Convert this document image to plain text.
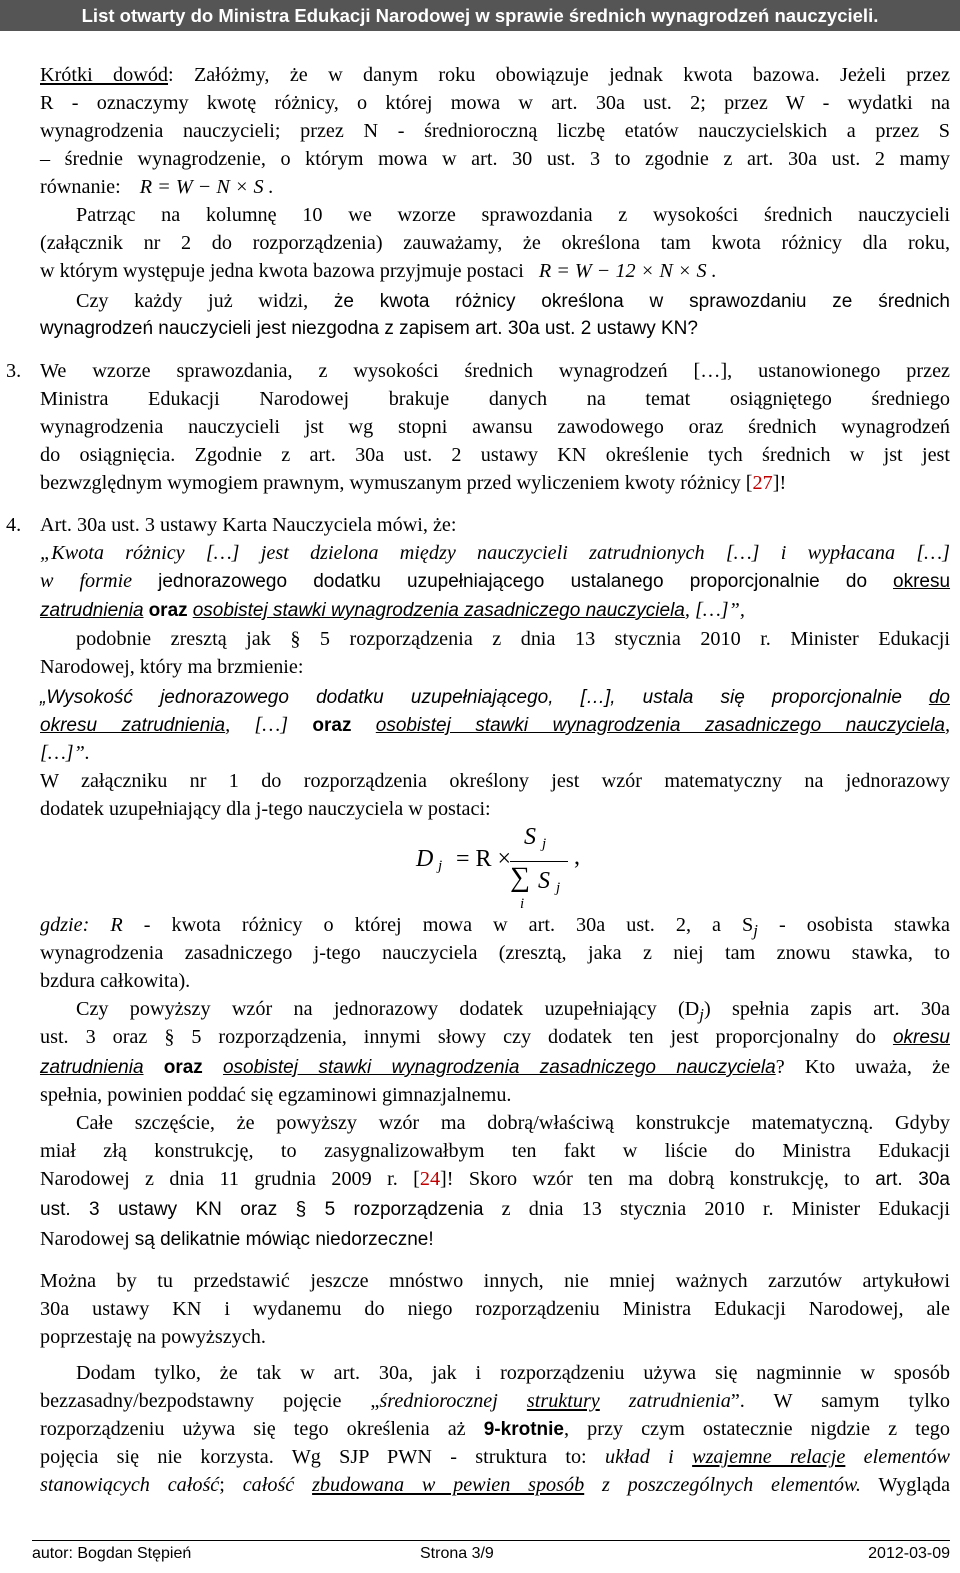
List otwarty do Ministra Edukacji Narodowej w sprawie średnich wynagrodzeń nauczycieli.
Krótki dowód: Załóżmy, że w danym roku obowiązuje jednak kwota bazowa. Jeżeli przez
R - oznaczymy kwotę różnicy, o której mowa w art. 30a ust. 2; przez W - wydatki na
wynagrodzenia nauczycieli; przez N - średnioroczną liczbę etatów nauczycielskich a przez S
– średnie wynagrodzenie, o którym mowa w art. 30 ust. 3 to zgodnie z art. 30a ust. 2 mamy
równanie: R = W − N × S .
Patrząc na kolumnę 10 we wzorze sprawozdania z wysokości średnich nauczycieli
(załącznik nr 2 do rozporządzenia) zauważamy, że określona tam kwota różnicy dla roku,
w którym występuje jedna kwota bazowa przyjmuje postaci R = W − 12 × N × S .
Czy każdy już widzi, że kwota różnicy określona w sprawozdaniu ze średnich
wynagrodzeń nauczycieli jest niezgodna z zapisem art. 30a ust. 2 ustawy KN?
3. We wzorze sprawozdania, z wysokości średnich wynagrodzeń […], ustanowionego przez
Ministra Edukacji Narodowej brakuje danych na temat osiągniętego średniego
wynagrodzenia nauczycieli jst wg stopni awansu zawodowego oraz średnich wynagrodzeń
do osiągnięcia. Zgodnie z art. 30a ust. 2 ustawy KN określenie tych średnich w jst jest
bezwzględnym wymogiem prawnym, wymuszanym przed wyliczeniem kwoty różnicy [27]!
4. Art. 30a ust. 3 ustawy Karta Nauczyciela mówi, że:
„Kwota różnicy […] jest dzielona między nauczycieli zatrudnionych […] i wypłacana […]
w formie jednorazowego dodatku uzupełniającego ustalanego proporcjonalnie do okresu
zatrudnienia oraz osobistej stawki wynagrodzenia zasadniczego nauczyciela, […]”,
podobnie zresztą jak § 5 rozporządzenia z dnia 13 stycznia 2010 r. Minister Edukacji
Narodowej, który ma brzmienie:
„Wysokość jednorazowego dodatku uzupełniającego, […], ustala się proporcjonalnie do
okresu zatrudnienia, […] oraz osobistej stawki wynagrodzenia zasadniczego nauczyciela,
[…]”.
W załączniku nr 1 do rozporządzenia określony jest wzór matematyczny na jednorazowy
dodatek uzupełniający dla j-tego nauczyciela w postaci:
D j = R ×
S j
∑ S j
i
,
gdzie: R - kwota różnicy o której mowa w art. 30a ust. 2, a $S_j$ - osobista stawka
wynagrodzenia zasadniczego j-tego nauczyciela (zresztą, jaka z niej tam znowu stawka, to
bzdura całkowita).
Czy powyższy wzór na jednorazowy dodatek uzupełniający $(D_j)$ spełnia zapis art. 30a
ust. 3 oraz § 5 rozporządzenia, innymi słowy czy dodatek ten jest proporcjonalny do okresu
zatrudnienia oraz osobistej stawki wynagrodzenia zasadniczego nauczyciela? Kto uważa, że
spełnia, powinien poddać się egzaminowi gimnazjalnemu.
Całe szczęście, że powyższy wzór ma dobrą/właściwą konstrukcje matematyczną. Gdyby
miał złą konstrukcję, to zasygnalizowałbym ten fakt w liście do Ministra Edukacji
Narodowej z dnia 11 grudnia 2009 r. [24]! Skoro wzór ten ma dobrą konstrukcję, to art. 30a
ust. 3 ustawy KN oraz § 5 rozporządzenia z dnia 13 stycznia 2010 r. Minister Edukacji
Narodowej są delikatnie mówiąc niedorzeczne!
Można by tu przedstawić jeszcze mnóstwo innych, nie mniej ważnych zarzutów artykułowi
30a ustawy KN i wydanemu do niego rozporządzeniu Ministra Edukacji Narodowej, ale
poprzestaję na powyższych.
Dodam tylko, że tak w art. 30a, jak i rozporządzeniu używa się nagminnie w sposób
bezzasadny/bezpodstawny pojęcie „średniorocznej struktury zatrudnienia”. W samym tylko
rozporządzeniu używa się tego określenia aż 9-krotnie, przy czym ostatecznie nigdzie z tego
pojęcia się nie korzysta. Wg SJP PWN - struktura to: układ i wzajemne relacje elementów
stanowiących całość; całość zbudowana w pewien sposób z poszczególnych elementów. Wygląda
autor: Bogdan Stępień	Strona 3/9	2012-03-09
